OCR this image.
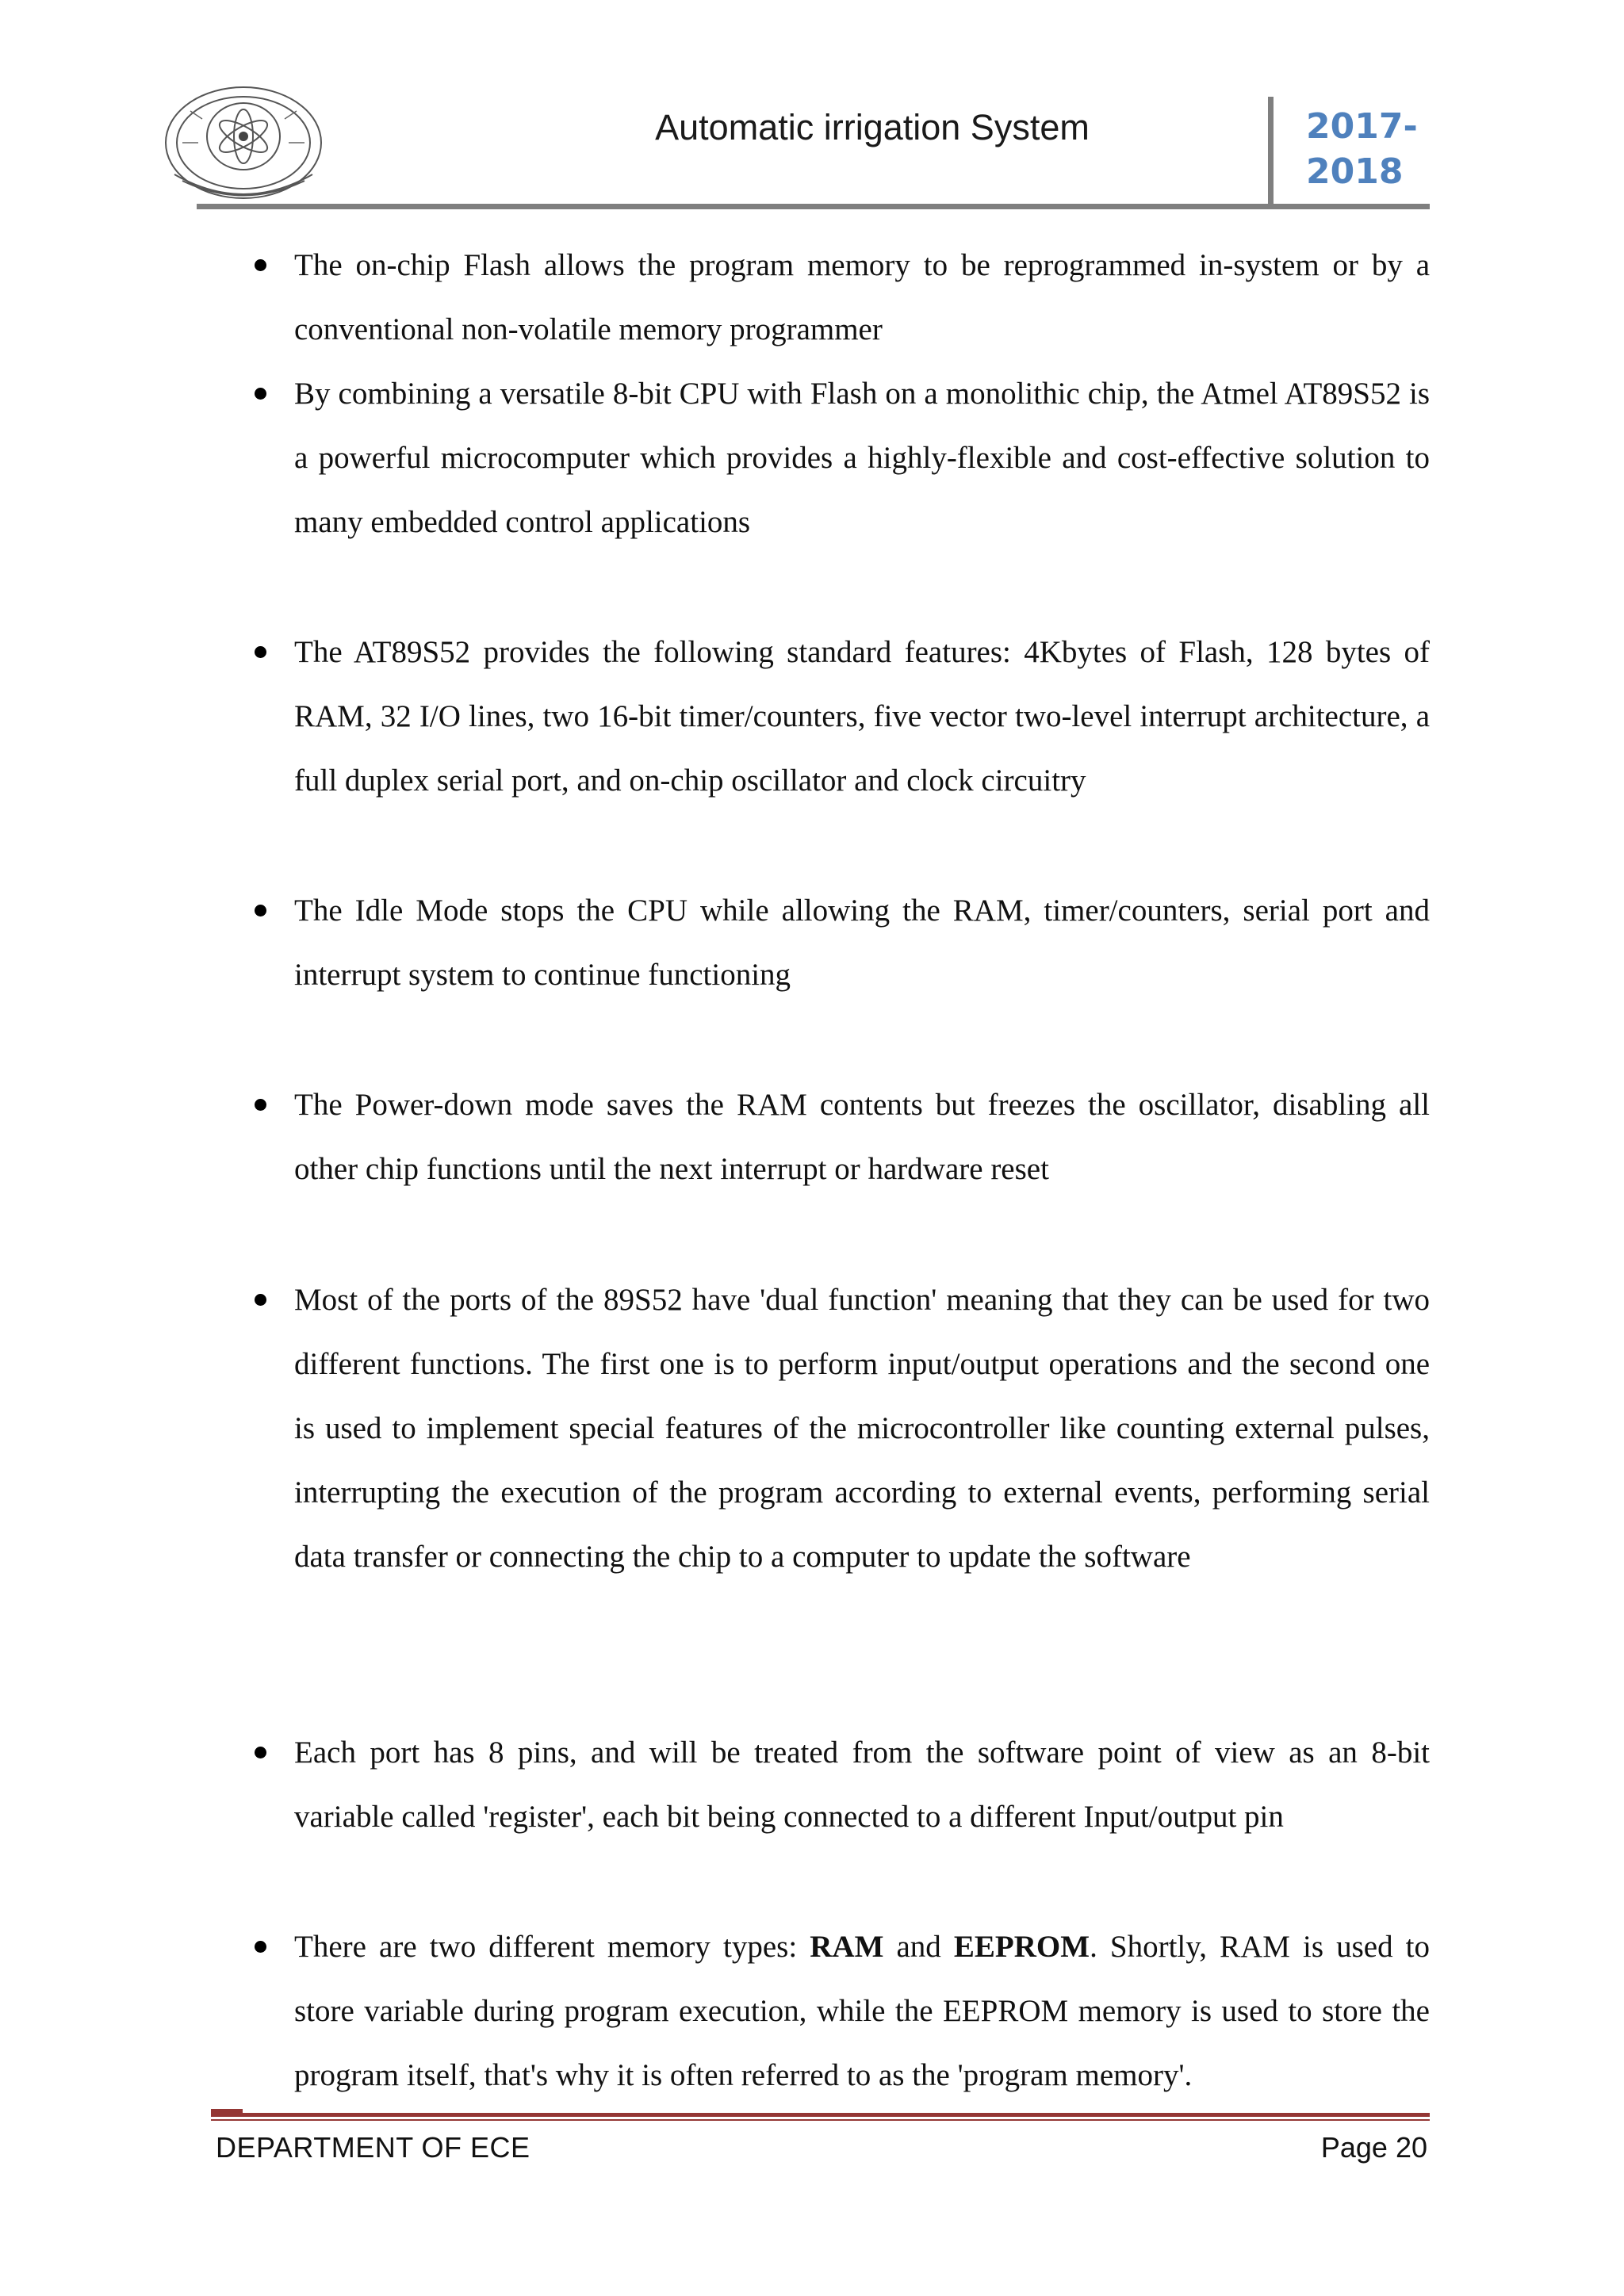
Automatic irrigation System	2017-
2018
The on-chip Flash allows the program memory to be reprogrammed in-system or by a conventional non-volatile memory programmer
By combining a versatile 8-bit CPU with Flash on a monolithic chip, the Atmel AT89S52 is a powerful microcomputer which provides a highly-flexible and cost-effective solution to many embedded control applications
The AT89S52 provides the following standard features: 4Kbytes of Flash, 128 bytes of RAM, 32 I/O lines, two 16-bit timer/counters, five vector two-level interrupt architecture, a full duplex serial port, and on-chip oscillator and clock circuitry
The Idle Mode stops the CPU while allowing the RAM, timer/counters, serial port and interrupt system to continue functioning
The Power-down mode saves the RAM contents but freezes the oscillator, disabling all other chip functions until the next interrupt or hardware reset
Most of the ports of the 89S52 have 'dual function' meaning that they can be used for two different functions. The first one is to perform input/output operations and the second one is used to implement special features of the microcontroller like counting external pulses, interrupting the execution of the program according to external events, performing serial data transfer or connecting the chip to a computer to update the software
Each port has 8 pins, and will be treated from the software point of view as an 8-bit variable called 'register', each bit being connected to a different Input/output pin
There are two different memory types: RAM and EEPROM. Shortly, RAM is used to store variable during program execution, while the EEPROM memory is used to store the program itself, that's why it is often referred to as the 'program memory'.
DEPARTMENT OF ECE	Page 20
